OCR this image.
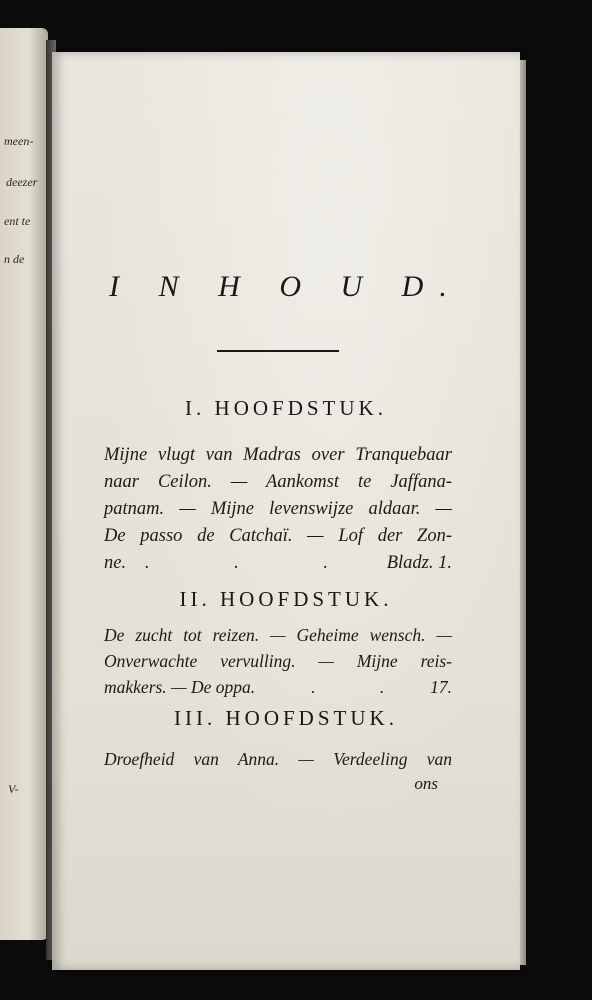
meen-
deezer
ent te
n de
V-
I N H O U D.
I. HOOFDSTUK.
Mijne vlugt van Madras over Tranquebaar
naar Ceilon. — Aankomst te Jaffana-
patnam. — Mijne levenswijze aldaar. —
De passo de Catchaï. — Lof der Zon-
ne. . . . Bladz. 1.
II. HOOFDSTUK.
De zucht tot reizen. — Geheime wensch. —
Onverwachte vervulling. — Mijne reis-
makkers. — De oppa.	. . 17.
III. HOOFDSTUK.
Droefheid van Anna. — Verdeeling van
ons
